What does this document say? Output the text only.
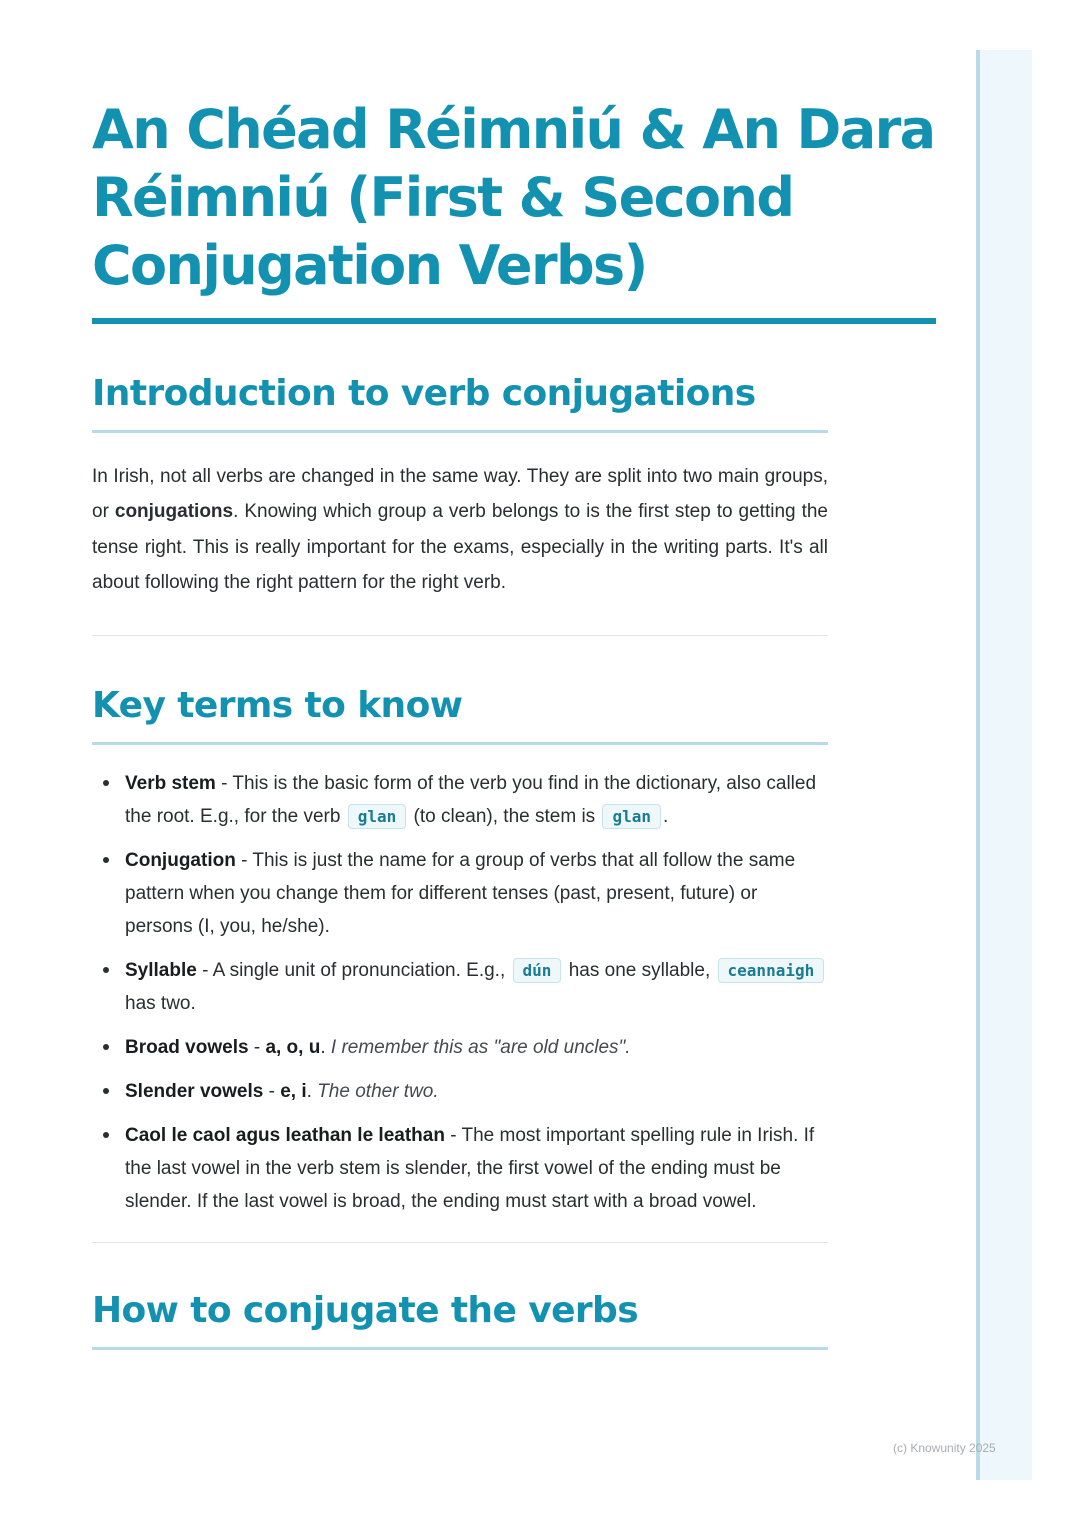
An Chéad Réimniú & An Dara Réimniú (First & Second Conjugation Verbs)
Introduction to verb conjugations

In Irish, not all verbs are changed in the same way. They are split into two main groups, or conjugations. Knowing which group a verb belongs to is the first step to getting the tense right. This is really important for the exams, especially in the writing parts. It's all about following the right pattern for the right verb.

Key terms to know
Verb stem - This is the basic form of the verb you find in the dictionary, also called the root. E.g., for the verb glan (to clean), the stem is glan .
Conjugation - This is just the name for a group of verbs that all follow the same pattern when you change them for different tenses (past, present, future) or persons (I, you, he/she).
Syllable - A single unit of pronunciation. E.g., dún has one syllable, ceannaigh has two.
Broad vowels - a, o, u. I remember this as "are old uncles".
Slender vowels - e, i. The other two.
Caol le caol agus leathan le leathan - The most important spelling rule in Irish. If the last vowel in the verb stem is slender, the first vowel of the ending must be slender. If the last vowel is broad, the ending must start with a broad vowel.
How to conjugate the verbs
(c) Knowunity 2025
